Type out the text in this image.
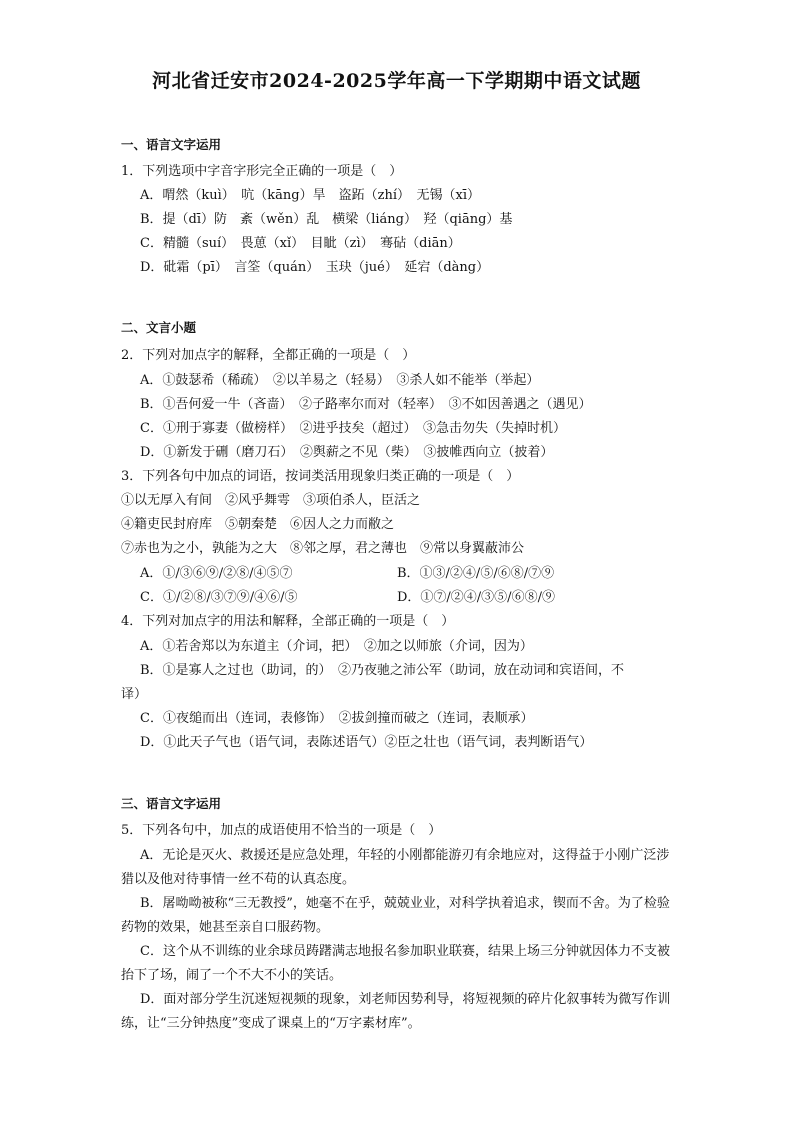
河北省迁安市2024-2025学年高一下学期期中语文试题
一、语言文字运用
1．下列选项中字音字形完全正确的一项是（　）
A．喟然（kuì）　吭（kāng）旱　盗跖（zhí）　无锡（xī）
B．提（dī）防　紊（wěn）乱　横梁（liáng）　羟（qiāng）基
C．精髓（suí）　畏葸（xǐ）　目眦（zì）　骞砧（diān）
D．砒霜（pī）　言筌（quán）　玉玦（jué）　延宕（dàng）
二、文言小题
2．下列对加点字的解释，全都正确的一项是（　）
A．①鼓瑟希（稀疏）　②以羊易之（轻易）　③杀人如不能举（举起）
B．①吾何爱一牛（吝啬）　②子路率尔而对（轻率）　③不如因善遇之（遇见）
C．①刑于寡妻（做榜样）　②进乎技矣（超过）　③急击勿失（失掉时机）
D．①新发于硎（磨刀石）　②舆薪之不见（柴）　③披帷西向立（披着）
3．下列各句中加点的词语，按词类活用现象归类正确的一项是（　）
①以无厚入有间　②风乎舞雩　③项伯杀人，臣活之
④籍吏民封府库　⑤朝秦楚　⑥因人之力而敝之
⑦赤也为之小，孰能为之大　⑧邻之厚，君之薄也　⑨常以身翼蔽沛公
A．①/③⑥⑨/②⑧/④⑤⑦	B．①③/②④/⑤/⑥⑧/⑦⑨
C．①/②⑧/③⑦⑨/④⑥/⑤	D．①⑦/②④/③⑤/⑥⑧/⑨
4．下列对加点字的用法和解释，全部正确的一项是（　）
A．①若舍郑以为东道主（介词，把）　②加之以师旅（介词，因为）
B．①是寡人之过也（助词，的）　②乃夜驰之沛公军（助词，放在动词和宾语间，不
译）
C．①夜缒而出（连词，表修饰）　②拔剑撞而破之（连词，表顺承）
D．①此天子气也（语气词，表陈述语气）②臣之壮也（语气词，表判断语气）
三、语言文字运用
5．下列各句中，加点的成语使用不恰当的一项是（　）
A．无论是灭火、救援还是应急处理，年轻的小刚都能游刃有余地应对，这得益于小刚广泛涉猎以及他对待事情一丝不苟的认真态度。
B．屠呦呦被称“三无教授”，她毫不在乎，兢兢业业，对科学执着追求，锲而不舍。为了检验药物的效果，她甚至亲自口服药物。
C．这个从不训练的业余球员踌躇满志地报名参加职业联赛，结果上场三分钟就因体力不支被抬下了场，闹了一个不大不小的笑话。
D．面对部分学生沉迷短视频的现象，刘老师因势利导，将短视频的碎片化叙事转为微写作训练，让“三分钟热度”变成了课桌上的“万字素材库”。
